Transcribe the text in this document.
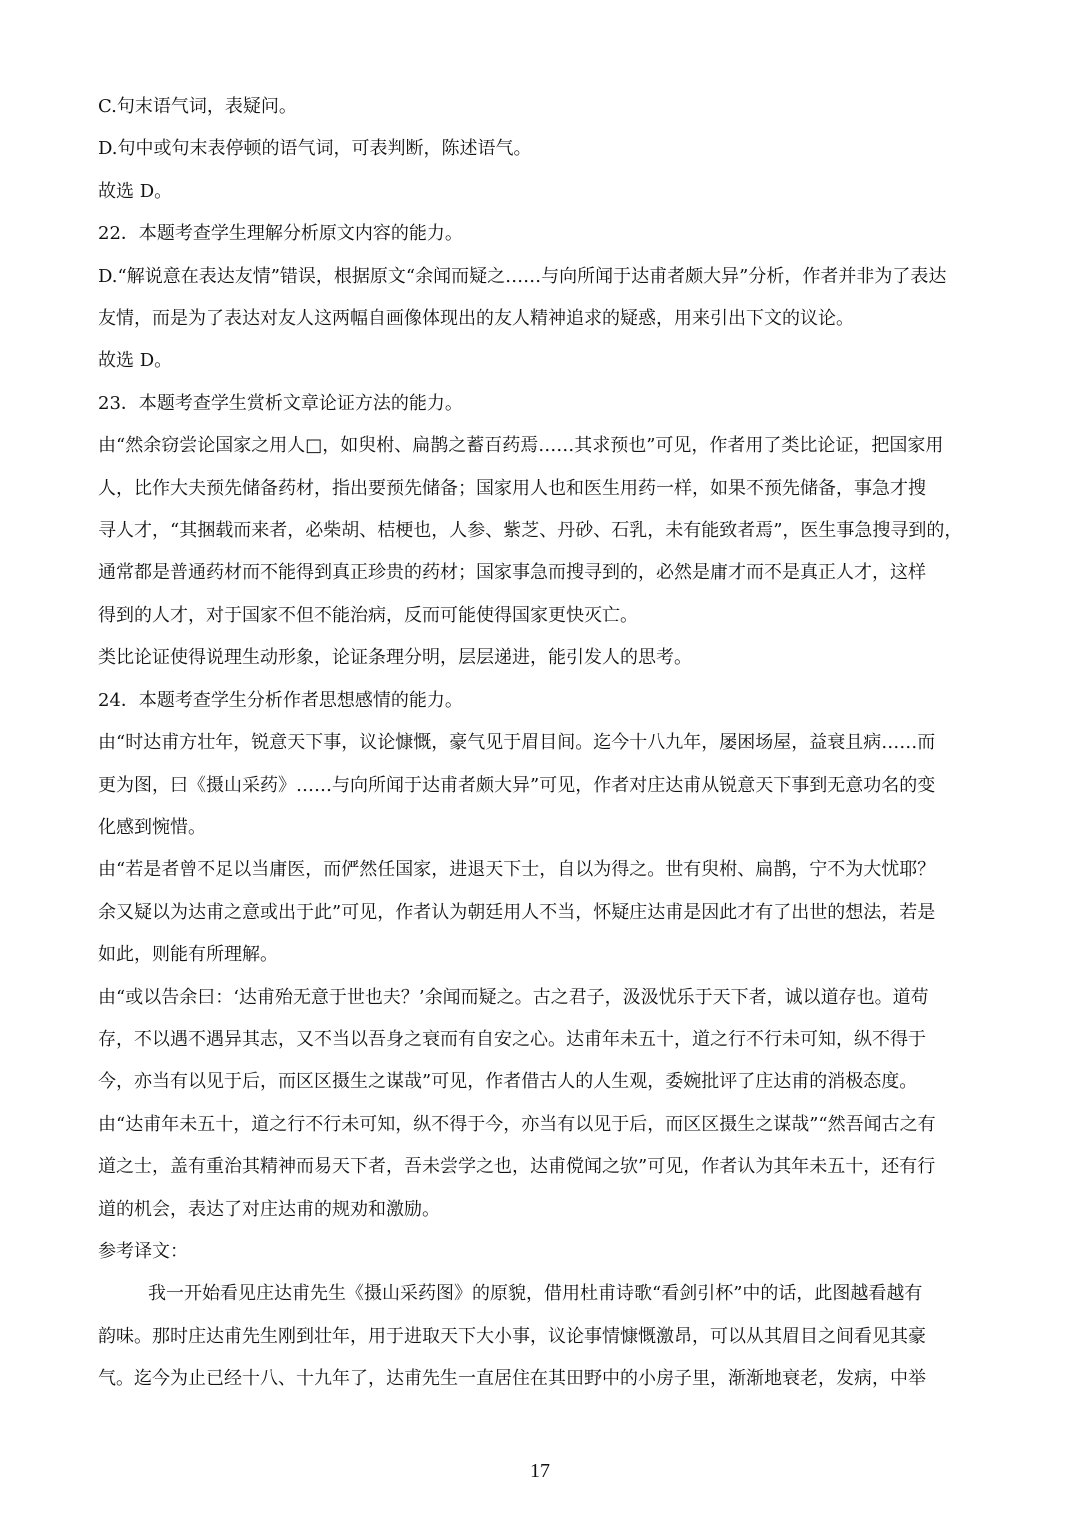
C.句末语气词，表疑问。
D.句中或句末表停顿的语气词，可表判断，陈述语气。
故选 D。
22．本题考查学生理解分析原文内容的能力。
D.“解说意在表达友情”错误，根据原文“余闻而疑之……与向所闻于达甫者颇大异”分析，作者并非为了表达
友情，而是为了表达对友人这两幅自画像体现出的友人精神追求的疑惑，用来引出下文的议论。
故选 D。
23．本题考查学生赏析文章论证方法的能力。
由“然余窃尝论国家之用人□，如臾柎、扁鹊之蓄百药焉……其求预也”可见，作者用了类比论证，把国家用
人，比作大夫预先储备药材，指出要预先储备；国家用人也和医生用药一样，如果不预先储备，事急才搜
寻人才，“其捆载而来者，必柴胡、桔梗也，人参、紫芝、丹砂、石乳，未有能致者焉”，医生事急搜寻到的，
通常都是普通药材而不能得到真正珍贵的药材；国家事急而搜寻到的，必然是庸才而不是真正人才，这样
得到的人才，对于国家不但不能治病，反而可能使得国家更快灭亡。
类比论证使得说理生动形象，论证条理分明，层层递进，能引发人的思考。
24．本题考查学生分析作者思想感情的能力。
由“时达甫方壮年，锐意天下事，议论慷慨，豪气见于眉目间。迄今十八九年，屡困场屋，益衰且病……而
更为图，曰《摄山采药》……与向所闻于达甫者颇大异”可见，作者对庄达甫从锐意天下事到无意功名的变
化感到惋惜。
由“若是者曾不足以当庸医，而俨然任国家，进退天下士，自以为得之。世有臾柎、扁鹊，宁不为大忧耶？
余又疑以为达甫之意或出于此”可见，作者认为朝廷用人不当，怀疑庄达甫是因此才有了出世的想法，若是
如此，则能有所理解。
由“或以告余曰：‘达甫殆无意于世也夫？’余闻而疑之。古之君子，汲汲忧乐于天下者，诚以道存也。道苟
存，不以遇不遇异其志，又不当以吾身之衰而有自安之心。达甫年未五十，道之行不行未可知，纵不得于
今，亦当有以见于后，而区区摄生之谋哉”可见，作者借古人的人生观，委婉批评了庄达甫的消极态度。
由“达甫年未五十，道之行不行未可知，纵不得于今，亦当有以见于后，而区区摄生之谋哉”“然吾闻古之有
道之士，盖有重治其精神而易天下者，吾未尝学之也，达甫傥闻之欤”可见，作者认为其年未五十，还有行
道的机会，表达了对庄达甫的规劝和激励。
参考译文：
我一开始看见庄达甫先生《摄山采药图》的原貌，借用杜甫诗歌“看剑引杯”中的话，此图越看越有
韵味。那时庄达甫先生刚到壮年，用于进取天下大小事，议论事情慷慨激昂，可以从其眉目之间看见其豪
气。迄今为止已经十八、十九年了，达甫先生一直居住在其田野中的小房子里，渐渐地衰老，发病，中举
17
